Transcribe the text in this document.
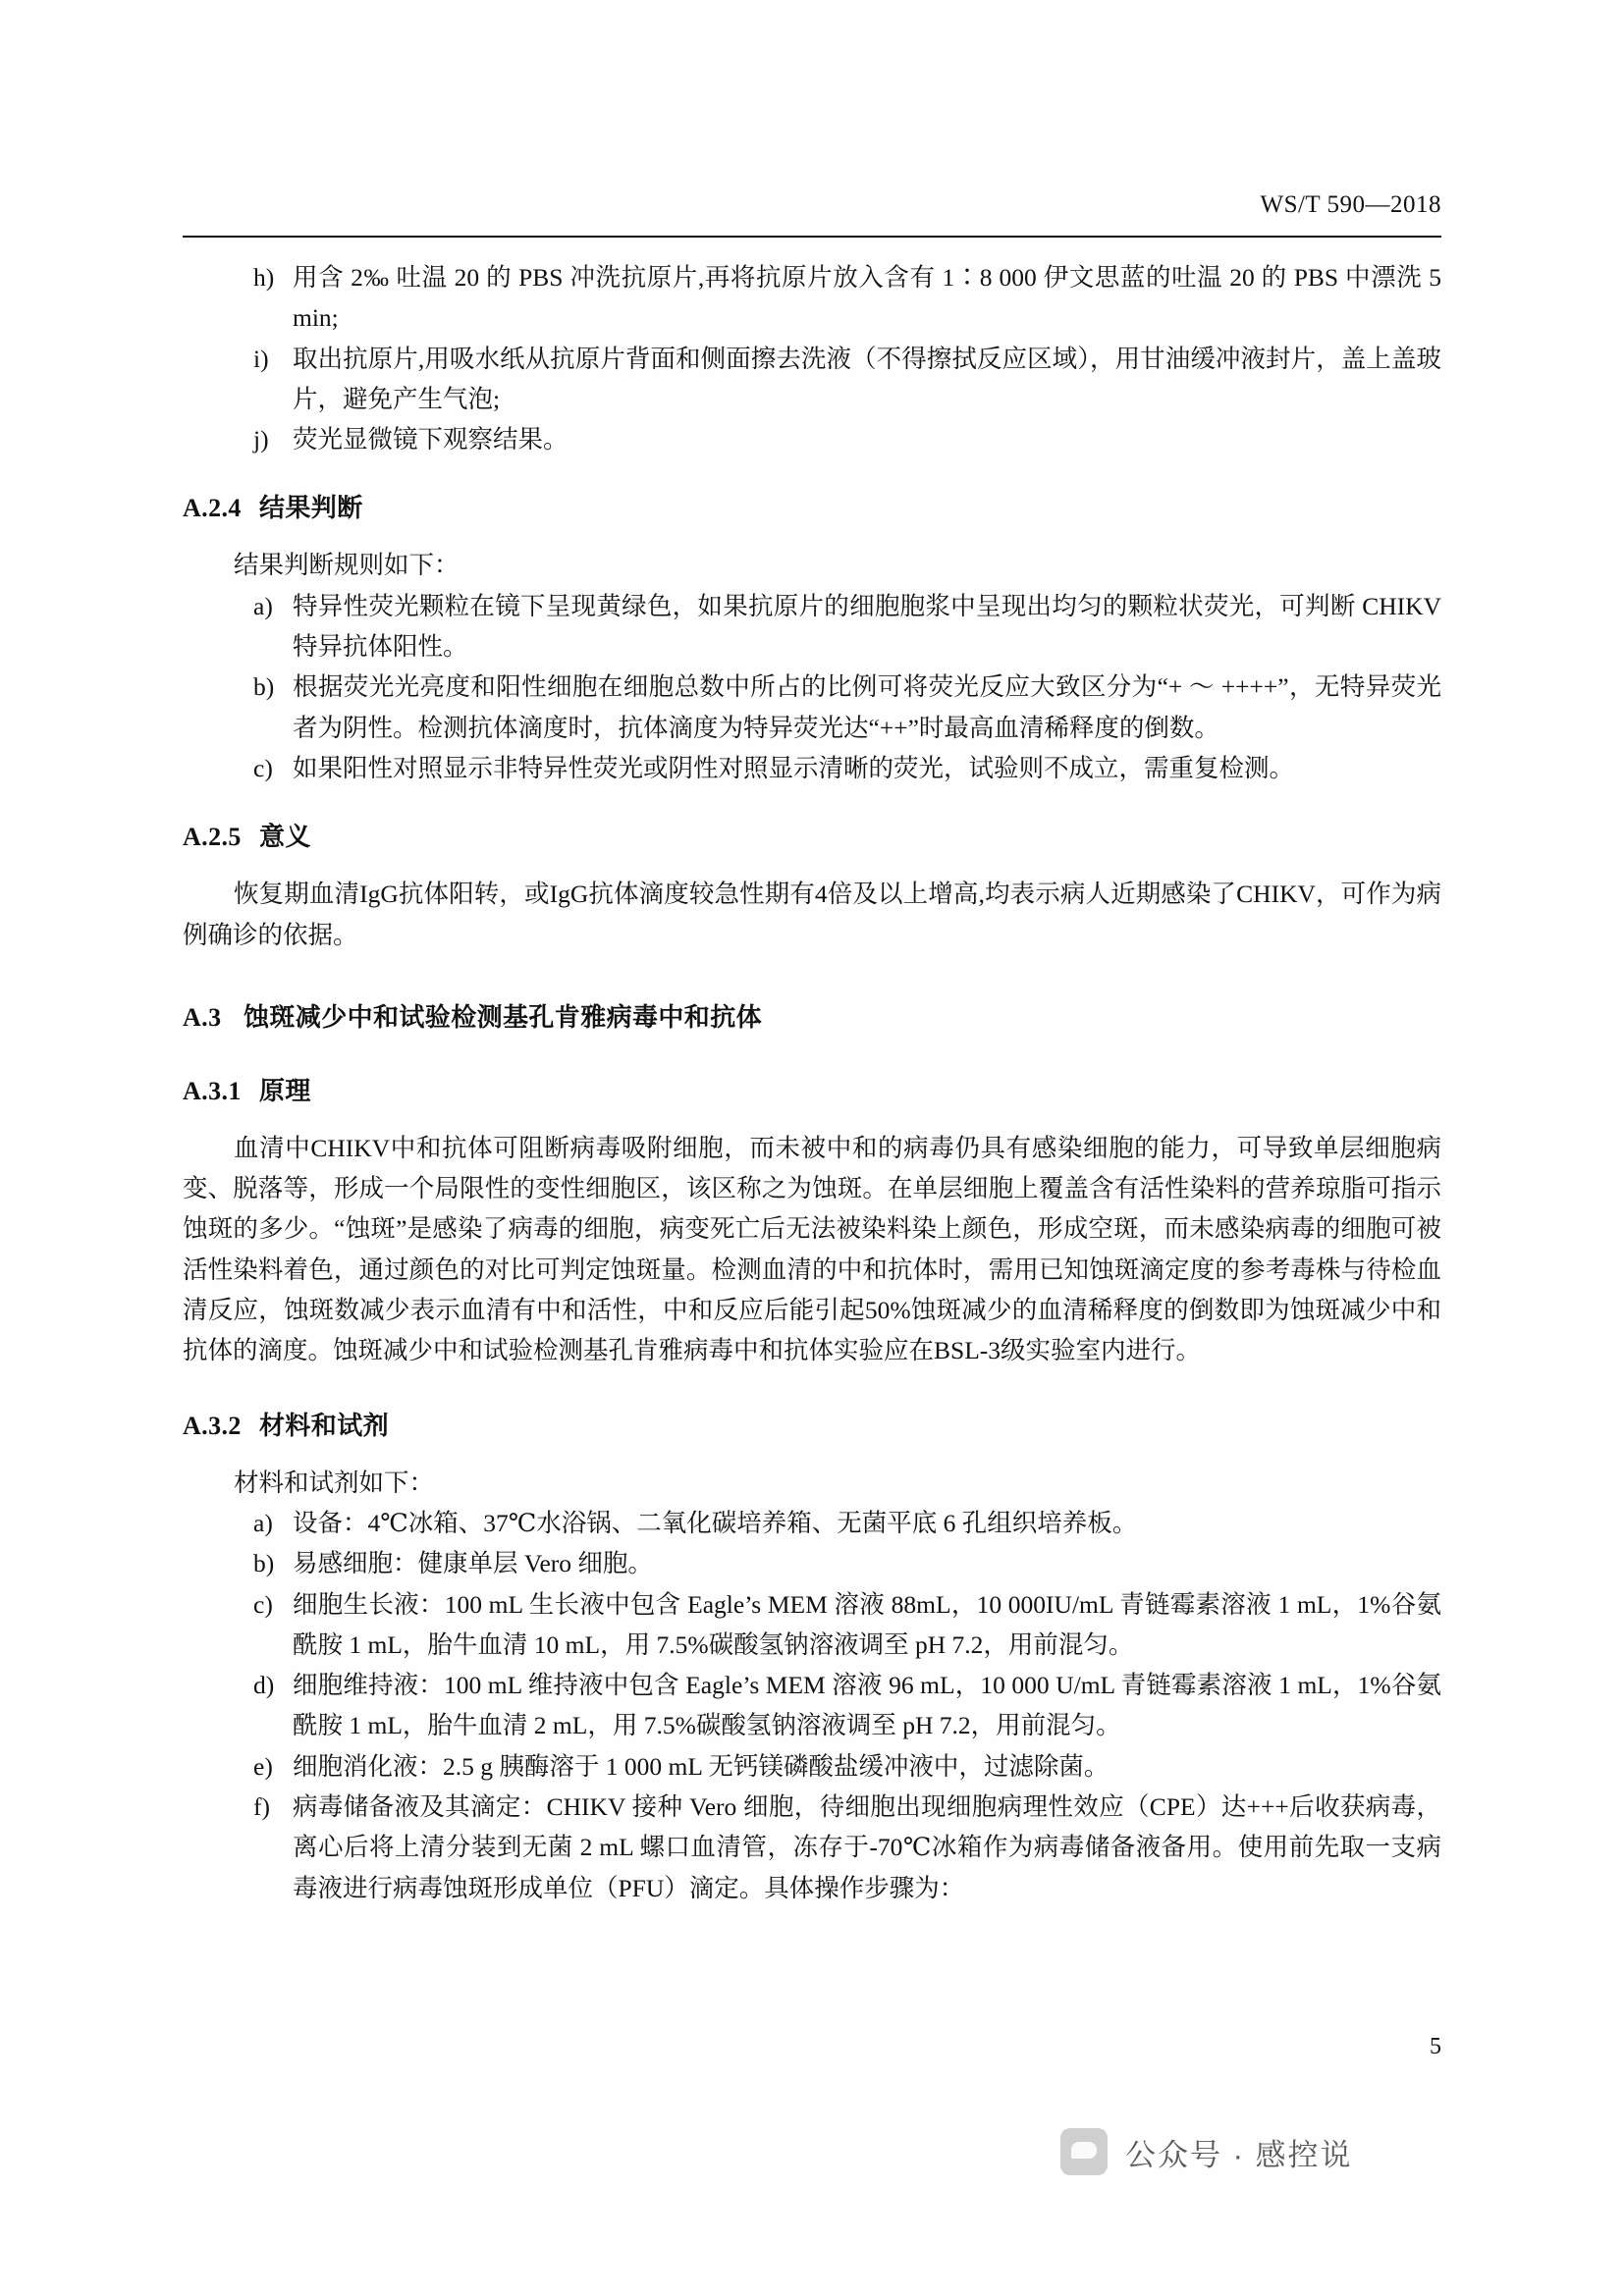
WS/T 590—2018
h) 用含 2‰ 吐温 20 的 PBS 冲洗抗原片,再将抗原片放入含有 1∶8 000 伊文思蓝的吐温 20 的 PBS 中漂洗 5 min;
i) 取出抗原片,用吸水纸从抗原片背面和侧面擦去洗液（不得擦拭反应区域），用甘油缓冲液封片，盖上盖玻片，避免产生气泡;
j) 荧光显微镜下观察结果。
A.2.4 结果判断

结果判断规则如下：

a) 特异性荧光颗粒在镜下呈现黄绿色，如果抗原片的细胞胞浆中呈现出均匀的颗粒状荧光，可判断 CHIKV 特异抗体阳性。
b) 根据荧光光亮度和阳性细胞在细胞总数中所占的比例可将荧光反应大致区分为“+ ～ ++++”，无特异荧光者为阴性。检测抗体滴度时，抗体滴度为特异荧光达“++”时最高血清稀释度的倒数。
c) 如果阳性对照显示非特异性荧光或阴性对照显示清晰的荧光，试验则不成立，需重复检测。
A.2.5 意义

恢复期血清IgG抗体阳转，或IgG抗体滴度较急性期有4倍及以上增高,均表示病人近期感染了CHIKV，可作为病例确诊的依据。

A.3 蚀斑减少中和试验检测基孔肯雅病毒中和抗体
A.3.1 原理

血清中CHIKV中和抗体可阻断病毒吸附细胞，而未被中和的病毒仍具有感染细胞的能力，可导致单层细胞病变、脱落等，形成一个局限性的变性细胞区，该区称之为蚀斑。在单层细胞上覆盖含有活性染料的营养琼脂可指示蚀斑的多少。“蚀斑”是感染了病毒的细胞，病变死亡后无法被染料染上颜色，形成空斑，而未感染病毒的细胞可被活性染料着色，通过颜色的对比可判定蚀斑量。检测血清的中和抗体时，需用已知蚀斑滴定度的参考毒株与待检血清反应，蚀斑数减少表示血清有中和活性，中和反应后能引起50%蚀斑减少的血清稀释度的倒数即为蚀斑减少中和抗体的滴度。蚀斑减少中和试验检测基孔肯雅病毒中和抗体实验应在BSL-3级实验室内进行。

A.3.2 材料和试剂

材料和试剂如下：

a) 设备：4℃冰箱、37℃水浴锅、二氧化碳培养箱、无菌平底 6 孔组织培养板。
b) 易感细胞：健康单层 Vero 细胞。
c) 细胞生长液：100 mL 生长液中包含 Eagle’s MEM 溶液 88mL，10 000IU/mL 青链霉素溶液 1 mL，1%谷氨酰胺 1 mL，胎牛血清 10 mL，用 7.5%碳酸氢钠溶液调至 pH 7.2，用前混匀。
d) 细胞维持液：100 mL 维持液中包含 Eagle’s MEM 溶液 96 mL，10 000 U/mL 青链霉素溶液 1 mL，1%谷氨酰胺 1 mL，胎牛血清 2 mL，用 7.5%碳酸氢钠溶液调至 pH 7.2，用前混匀。
e) 细胞消化液：2.5 g 胰酶溶于 1 000 mL 无钙镁磷酸盐缓冲液中，过滤除菌。
f) 病毒储备液及其滴定：CHIKV 接种 Vero 细胞，待细胞出现细胞病理性效应（CPE）达+++后收获病毒，离心后将上清分装到无菌 2 mL 螺口血清管，冻存于-70℃冰箱作为病毒储备液备用。使用前先取一支病毒液进行病毒蚀斑形成单位（PFU）滴定。具体操作步骤为：
5
公众号 · 感控说
